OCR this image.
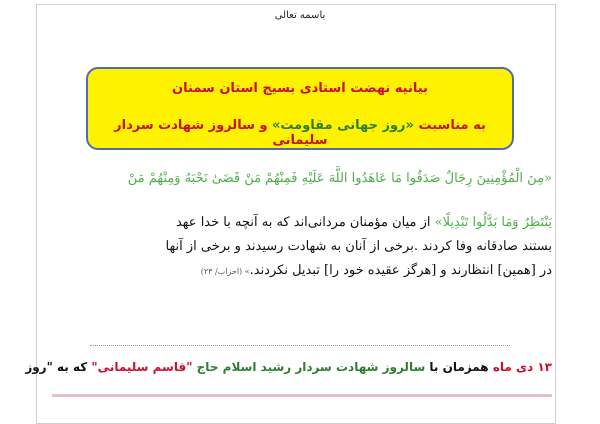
باسمه تعالی
بیانیه نهضت استادی بسیج استان سمنان
به مناسبت «روز جهانی مقاومت» و سالروز شهادت سردار سلیمانی
«مِنَ الْمُؤْمِنِينَ رِجَالٌ صَدَقُوا مَا عَاهَدُوا اللَّهَ عَلَيْهِ فَمِنْهُمْ مَنْ قَضَىٰ نَحْبَهُ وَمِنْهُمْ مَنْ
يَنْتَظِرُ وَمَا بَدَّلُوا تَبْدِيلًا» از میان مؤمنان مردانی‌اند که به آنچه با خدا عهد
بستند صادقانه وفا کردند .برخی از آنان به شهادت رسیدند و برخی از آنها
در [همین] انتظارند و [هرگز عقیده خود را] تبدیل نکردند.» (احزاب/ ۲۳)
۱۳ دی ماه همزمان با سالروز شهادت سردار رشید اسلام حاج "قاسم سلیمانی" که به "روز
